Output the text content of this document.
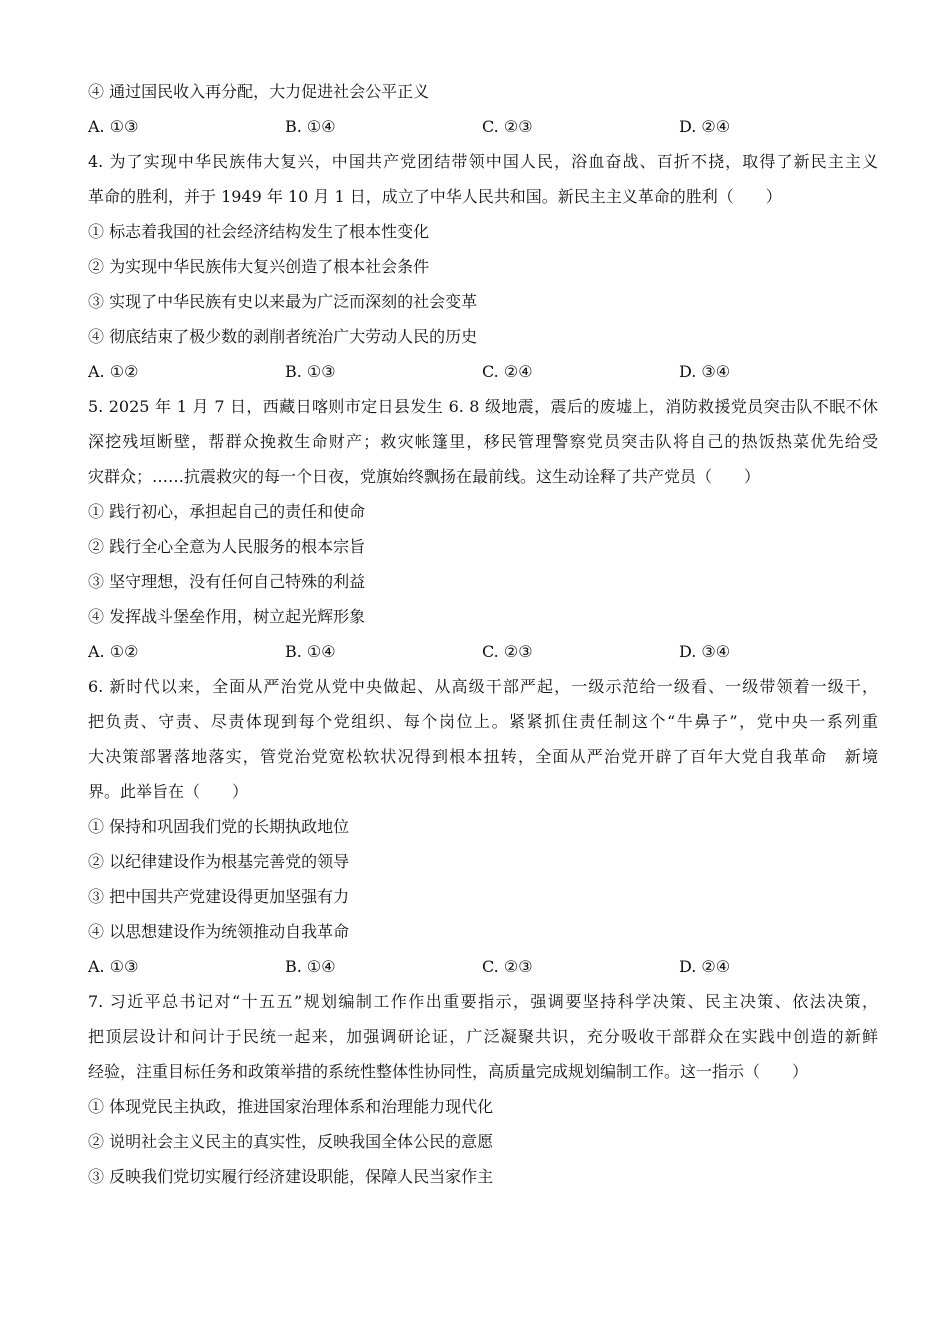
④ 通过国民收入再分配，大力促进社会公平正义
A. ①③	B. ①④	C. ②③	D. ②④
4. 为了实现中华民族伟大复兴，中国共产党团结带领中国人民，浴血奋战、百折不挠，取得了新民主主义
革命的胜利，并于 1949 年 10 月 1 日，成立了中华人民共和国。新民主主义革命的胜利（　　）
① 标志着我国的社会经济结构发生了根本性变化
② 为实现中华民族伟大复兴创造了根本社会条件
③ 实现了中华民族有史以来最为广泛而深刻的社会变革
④ 彻底结束了极少数的剥削者统治广大劳动人民的历史
A. ①②	B. ①③	C. ②④	D. ③④
5. 2025 年 1 月 7 日，西藏日喀则市定日县发生 6. 8 级地震，震后的废墟上，消防救援党员突击队不眠不休
深挖残垣断壁，帮群众挽救生命财产；救灾帐篷里，移民管理警察党员突击队将自己的热饭热菜优先给受
灾群众；……抗震救灾的每一个日夜，党旗始终飘扬在最前线。这生动诠释了共产党员（　　）
① 践行初心，承担起自己的责任和使命
② 践行全心全意为人民服务的根本宗旨
③ 坚守理想，没有任何自己特殊的利益
④ 发挥战斗堡垒作用，树立起光辉形象
A. ①②	B. ①④	C. ②③	D. ③④
6. 新时代以来，全面从严治党从党中央做起、从高级干部严起，一级示范给一级看、一级带领着一级干，
把负责、守责、尽责体现到每个党组织、每个岗位上。紧紧抓住责任制这个“牛鼻子”，党中央一系列重
大决策部署落地落实，管党治党宽松软状况得到根本扭转，全面从严治党开辟了百年大党自我革命　新境
界。此举旨在（　　）
① 保持和巩固我们党的长期执政地位
② 以纪律建设作为根基完善党的领导
③ 把中国共产党建设得更加坚强有力
④ 以思想建设作为统领推动自我革命
A. ①③	B. ①④	C. ②③	D. ②④
7. 习近平总书记对“十五五”规划编制工作作出重要指示，强调要坚持科学决策、民主决策、依法决策，
把顶层设计和问计于民统一起来，加强调研论证，广泛凝聚共识，充分吸收干部群众在实践中创造的新鲜
经验，注重目标任务和政策举措的系统性整体性协同性，高质量完成规划编制工作。这一指示（　　）
① 体现党民主执政，推进国家治理体系和治理能力现代化
② 说明社会主义民主的真实性，反映我国全体公民的意愿
③ 反映我们党切实履行经济建设职能，保障人民当家作主
